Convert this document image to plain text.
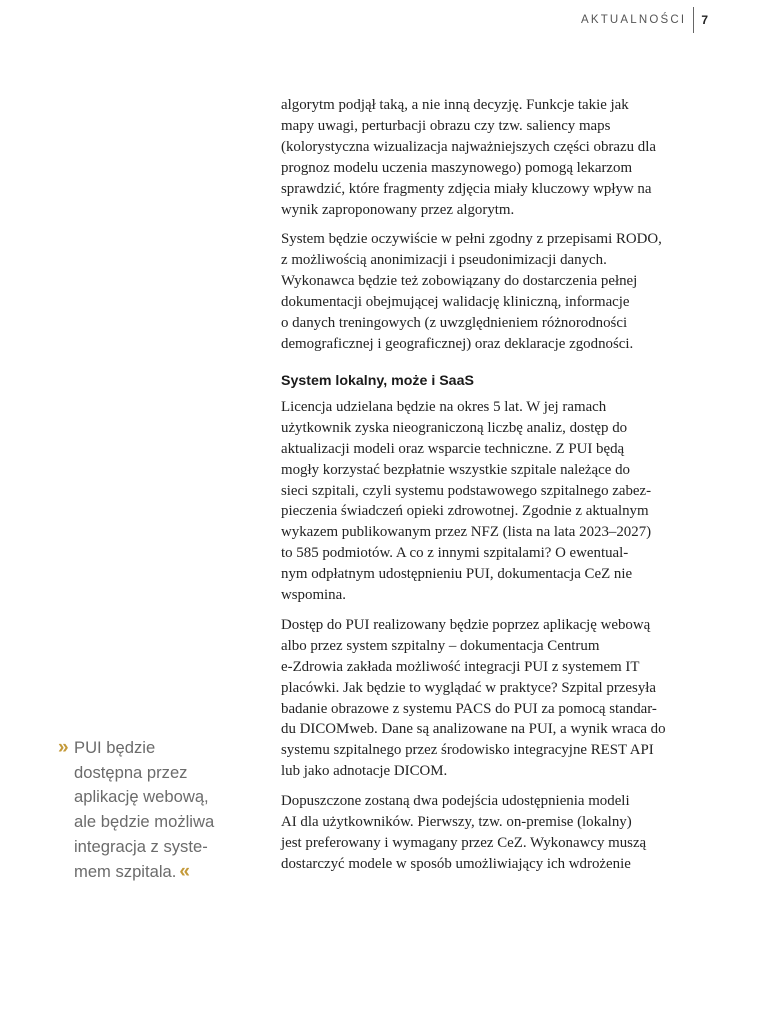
AKTUALNOŚCI	7
» PUI będzie
dostępna przez
aplikację webową,
ale będzie możliwa
integracja z syste-
mem szpitala. «

algorytm podjął taką, a nie inną decyzję. Funkcje takie jak
mapy uwagi, perturbacji obrazu czy tzw. saliency maps
(kolorystyczna wizualizacja najważniejszych części obrazu dla
prognoz modelu uczenia maszynowego) pomogą lekarzom
sprawdzić, które fragmenty zdjęcia miały kluczowy wpływ na
wynik zaproponowany przez algorytm.

System będzie oczywiście w pełni zgodny z przepisami RODO,
z możliwością anonimizacji i pseudonimizacji danych.
Wykonawca będzie też zobowiązany do dostarczenia pełnej
dokumentacji obejmującej walidację kliniczną, informacje
o danych treningowych (z uwzględnieniem różnorodności
demograficznej i geograficznej) oraz deklaracje zgodności.

System lokalny, może i SaaS

Licencja udzielana będzie na okres 5 lat. W jej ramach
użytkownik zyska nieograniczoną liczbę analiz, dostęp do
aktualizacji modeli oraz wsparcie techniczne. Z PUI będą
mogły korzystać bezpłatnie wszystkie szpitale należące do
sieci szpitali, czyli systemu podstawowego szpitalnego zabez-
pieczenia świadczeń opieki zdrowotnej. Zgodnie z aktualnym
wykazem publikowanym przez NFZ (lista na lata 2023–2027)
to 585 podmiotów. A co z innymi szpitalami? O ewentual-
nym odpłatnym udostępnieniu PUI, dokumentacja CeZ nie
wspomina.

Dostęp do PUI realizowany będzie poprzez aplikację webową
albo przez system szpitalny – dokumentacja Centrum
e-Zdrowia zakłada możliwość integracji PUI z systemem IT
placówki. Jak będzie to wyglądać w praktyce? Szpital przesyła
badanie obrazowe z systemu PACS do PUI za pomocą standar-
du DICOMweb. Dane są analizowane na PUI, a wynik wraca do
systemu szpitalnego przez środowisko integracyjne REST API
lub jako adnotacje DICOM.

Dopuszczone zostaną dwa podejścia udostępnienia modeli
AI dla użytkowników. Pierwszy, tzw. on-premise (lokalny)
jest preferowany i wymagany przez CeZ. Wykonawcy muszą
dostarczyć modele w sposób umożliwiający ich wdrożenie
